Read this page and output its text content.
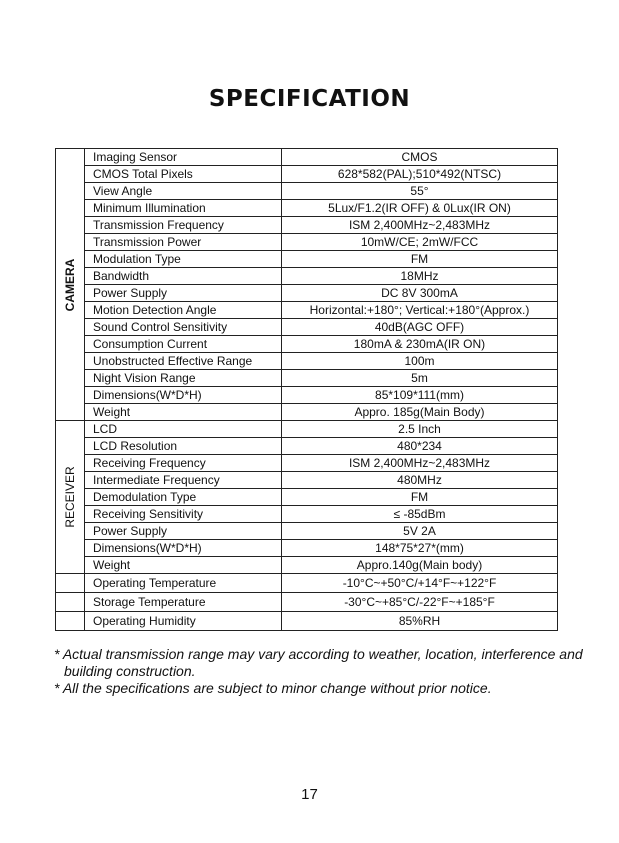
SPECIFICATION
CAMERA	Imaging Sensor	CMOS
	CMOS Total Pixels	628*582(PAL);510*492(NTSC)
	View Angle	55°
	Minimum Illumination	5Lux/F1.2(IR OFF) & 0Lux(IR ON)
	Transmission Frequency	ISM 2,400MHz~2,483MHz
	Transmission Power	10mW/CE; 2mW/FCC
	Modulation Type	FM
	Bandwidth	18MHz
	Power Supply	DC 8V 300mA
	Motion Detection Angle	Horizontal:+180°; Vertical:+180°(Approx.)
	Sound Control Sensitivity	40dB(AGC OFF)
	Consumption Current	180mA & 230mA(IR ON)
	Unobstructed Effective Range	100m
	Night Vision Range	5m
	Dimensions(W*D*H)	85*109*111(mm)
	Weight	Appro. 185g(Main Body)

RECEIVER	LCD	2.5 Inch
	LCD Resolution	480*234
	Receiving Frequency	ISM 2,400MHz~2,483MHz
	Intermediate Frequency	480MHz
	Demodulation Type	FM
	Receiving Sensitivity	≤ -85dBm
	Power Supply	5V 2A
	Dimensions(W*D*H)	148*75*27*(mm)
	Weight	Appro.140g(Main body)
	Operating Temperature	-10°C~+50°C/+14°F~+122°F
	Storage Temperature	-30°C~+85°C/-22°F~+185°F
	Operating Humidity	85%RH
* Actual transmission range may vary according to weather, location, interference and building construction.
* All the specifications are subject to minor change without prior notice.
17
